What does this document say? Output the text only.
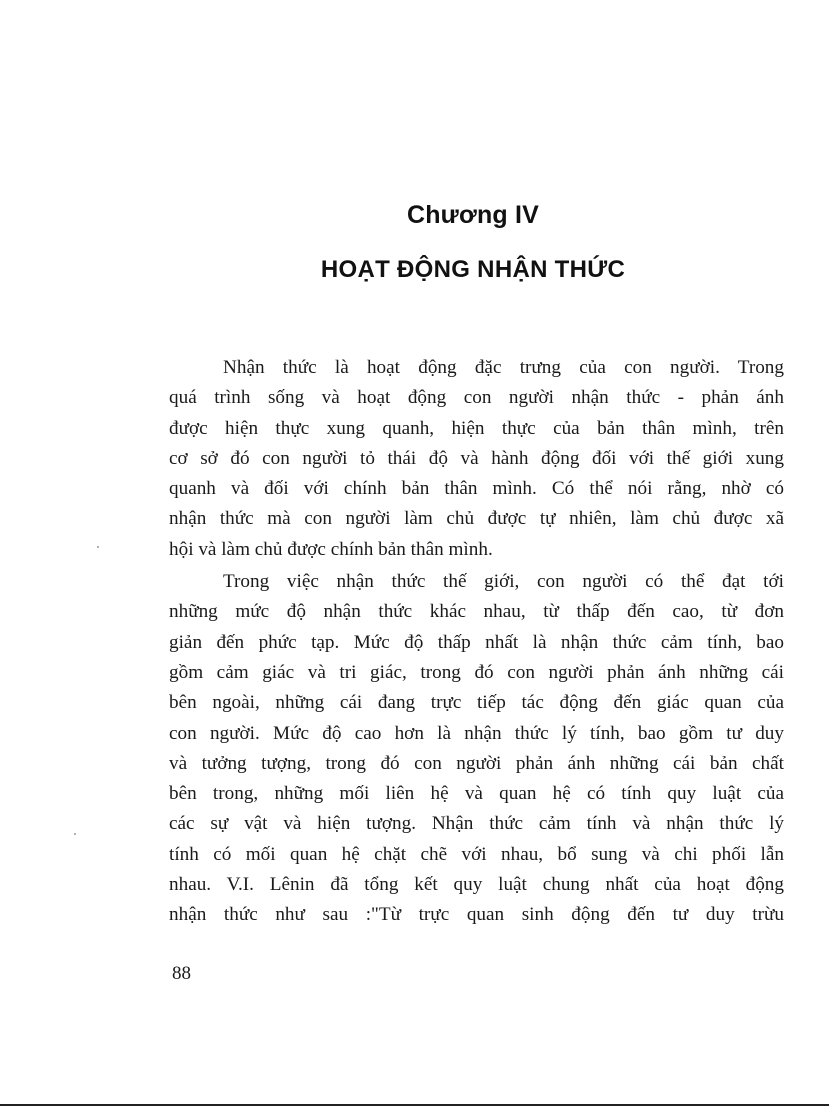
Chương IV
HOẠT ĐỘNG NHẬN THỨC
Nhận thức là hoạt động đặc trưng của con người. Trong
quá trình sống và hoạt động con người nhận thức - phản ánh
được hiện thực xung quanh, hiện thực của bản thân mình, trên
cơ sở đó con người tỏ thái độ và hành động đối với thế giới xung
quanh và đối với chính bản thân mình. Có thể nói rằng, nhờ có
nhận thức mà con người làm chủ được tự nhiên, làm chủ được xã
hội và làm chủ được chính bản thân mình.
Trong việc nhận thức thế giới, con người có thể đạt tới
những mức độ nhận thức khác nhau, từ thấp đến cao, từ đơn
giản đến phức tạp. Mức độ thấp nhất là nhận thức cảm tính, bao
gồm cảm giác và tri giác, trong đó con người phản ánh những cái
bên ngoài, những cái đang trực tiếp tác động đến giác quan của
con người. Mức độ cao hơn là nhận thức lý tính, bao gồm tư duy
và tưởng tượng, trong đó con người phản ánh những cái bản chất
bên trong, những mối liên hệ và quan hệ có tính quy luật của
các sự vật và hiện tượng. Nhận thức cảm tính và nhận thức lý
tính có mối quan hệ chặt chẽ với nhau, bổ sung và chi phối lẫn
nhau. V.I. Lênin đã tổng kết quy luật chung nhất của hoạt động
nhận thức như sau :"Từ trực quan sinh động đến tư duy trừu
88
